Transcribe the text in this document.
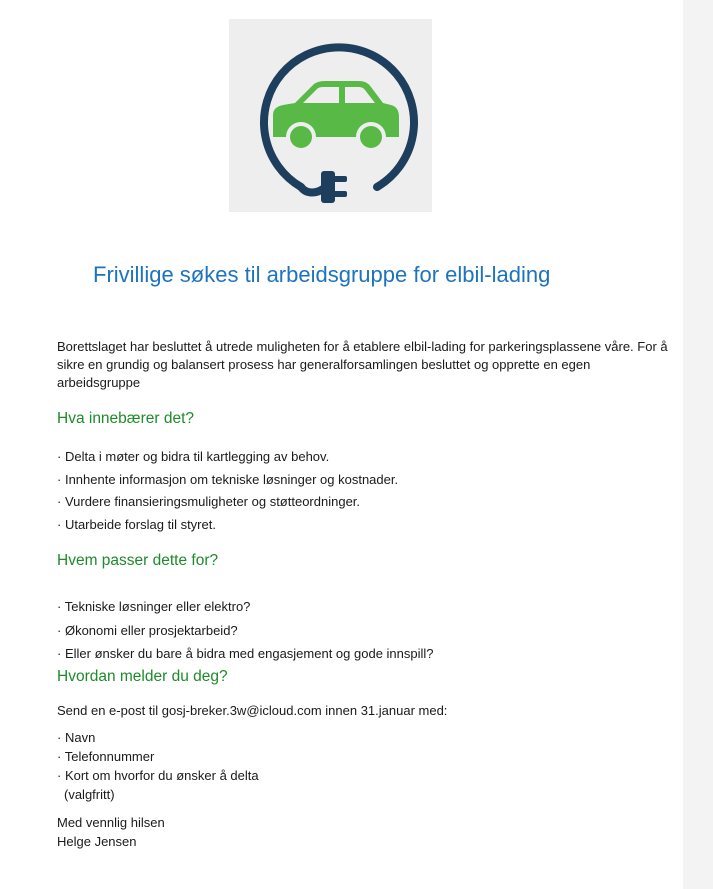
Frivillige søkes til arbeidsgruppe for elbil-lading

Borettslaget har besluttet å utrede muligheten for å etablere elbil-lading for parkeringsplassene våre. For å sikre en grundig og balansert prosess har generalforsamlingen besluttet og opprette en egen arbeidsgruppe

Hva innebærer det?
· Delta i møter og bidra til kartlegging av behov.
· Innhente informasjon om tekniske løsninger og kostnader.
· Vurdere finansieringsmuligheter og støtteordninger.
· Utarbeide forslag til styret.
Hvem passer dette for?
· Tekniske løsninger eller elektro?
· Økonomi eller prosjektarbeid?
· Eller ønsker du bare å bidra med engasjement og gode innspill?
Hvordan melder du deg?

Send en e-post til gosj-breker.3w@icloud.com innen 31.januar med:

· Navn
· Telefonnummer
· Kort om hvorfor du ønsker å delta
(valgfritt)

Med vennlig hilsen

Helge Jensen
